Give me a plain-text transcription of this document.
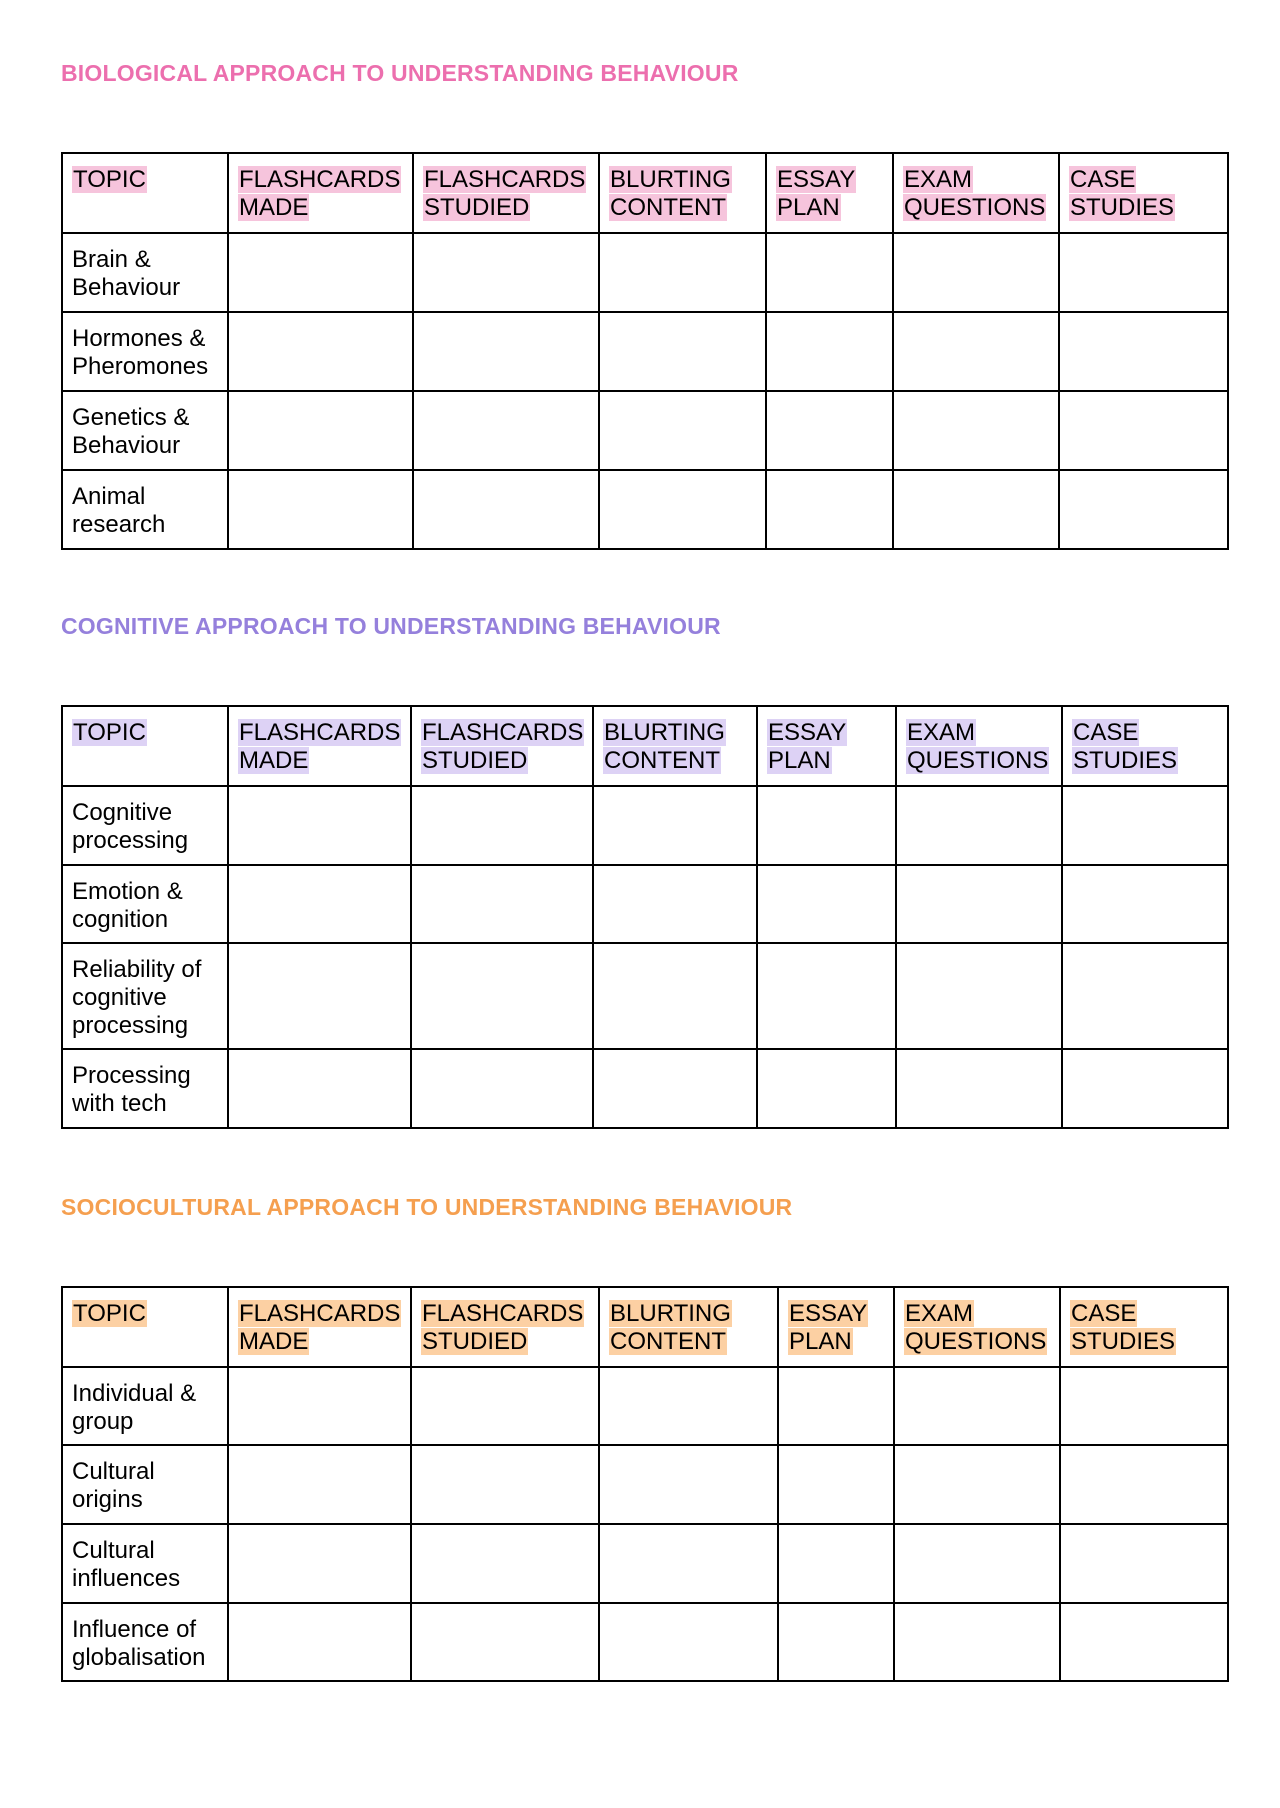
BIOLOGICAL APPROACH TO UNDERSTANDING BEHAVIOUR
TOPIC	FLASHCARDS MADE	FLASHCARDS STUDIED	BLURTING CONTENT	ESSAY PLAN	EXAM QUESTIONS	CASE STUDIES
Brain & Behaviour						
Hormones & Pheromones						
Genetics & Behaviour						
Animal research						
COGNITIVE APPROACH TO UNDERSTANDING BEHAVIOUR
TOPIC	FLASHCARDS MADE	FLASHCARDS STUDIED	BLURTING CONTENT	ESSAY PLAN	EXAM QUESTIONS	CASE STUDIES
Cognitive processing						
Emotion & cognition						
Reliability of cognitive processing						
Processing with tech						
SOCIOCULTURAL APPROACH TO UNDERSTANDING BEHAVIOUR
TOPIC	FLASHCARDS MADE	FLASHCARDS STUDIED	BLURTING CONTENT	ESSAY PLAN	EXAM QUESTIONS	CASE STUDIES
Individual & group						
Cultural origins						
Cultural influences						
Influence of globalisation						
